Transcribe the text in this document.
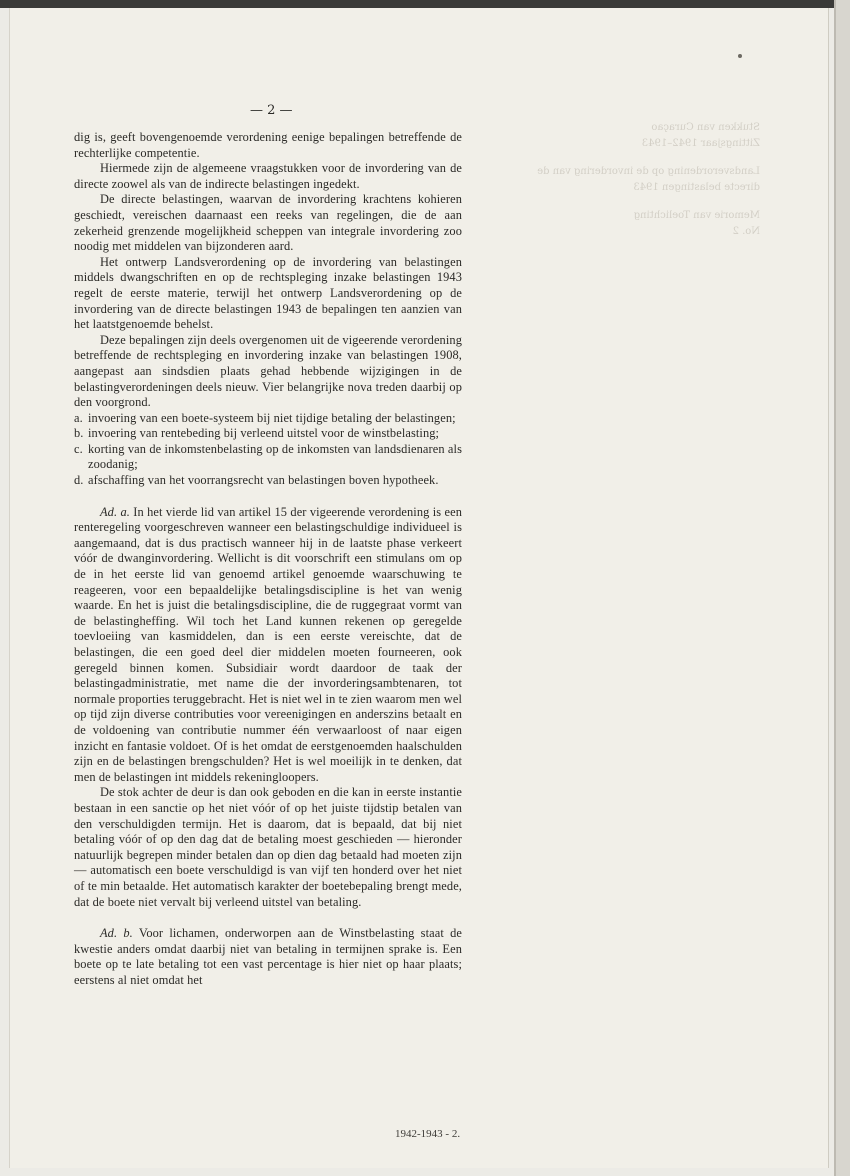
Stukken van Curaçao
Zittingsjaar 1942–1943
Landsverordening op de invordering van de
directe belastingen 1943
Memorie van Toelichting
No. 2
— 2 —

dig is, geeft bovengenoemde verordening eenige bepalingen betreffende de rechterlijke competentie.

Hiermede zijn de algemeene vraagstukken voor de invordering van de directe zoowel als van de indirecte belastingen ingedekt.

De directe belastingen, waarvan de invordering krachtens kohieren geschiedt, vereischen daarnaast een reeks van regelingen, die de aan zekerheid grenzende mogelijkheid scheppen van integrale invordering zoo noodig met middelen van bijzonderen aard.

Het ontwerp Landsverordening op de invordering van belastingen middels dwangschriften en op de rechtspleging inzake belastingen 1943 regelt de eerste materie, terwijl het ontwerp Landsverordening op de invordering van de directe belastingen 1943 de bepalingen ten aanzien van het laatstgenoemde behelst.

Deze bepalingen zijn deels overgenomen uit de vigeerende verordening betreffende de rechtspleging en invordering inzake van belastingen 1908, aangepast aan sindsdien plaats gehad hebbende wijzigingen in de belastingverordeningen deels nieuw. Vier belangrijke nova treden daarbij op den voorgrond.

a. invoering van een boete-systeem bij niet tijdige betaling der belastingen;
b. invoering van rentebeding bij verleend uitstel voor de winstbelasting;
c. korting van de inkomstenbelasting op de inkomsten van landsdienaren als zoodanig;
d. afschaffing van het voorrangsrecht van belastingen boven hypotheek.

Ad. a. In het vierde lid van artikel 15 der vigeerende verordening is een renteregeling voorgeschreven wanneer een belastingschuldige individueel is aangemaand, dat is dus practisch wanneer hij in de laatste phase verkeert vóór de dwanginvordering. Wellicht is dit voorschrift een stimulans om op de in het eerste lid van genoemd artikel genoemde waarschuwing te reageeren, voor een bepaaldelijke betalingsdiscipline is het van wenig waarde. En het is juist die betalingsdiscipline, die de ruggegraat vormt van de belastingheffing. Wil toch het Land kunnen rekenen op geregelde toevloeiing van kasmiddelen, dan is een eerste vereischte, dat de belastingen, die een goed deel dier middelen moeten fourneeren, ook geregeld binnen komen. Subsidiair wordt daardoor de taak der belastingadministratie, met name die der invorderingsambtenaren, tot normale proporties teruggebracht. Het is niet wel in te zien waarom men wel op tijd zijn diverse contributies voor vereenigingen en anderszins betaalt en de voldoening van contributie nummer één verwaarloost of naar eigen inzicht en fantasie voldoet. Of is het omdat de eerstgenoemden haalschulden zijn en de belastingen brengschulden? Het is wel moeilijk in te denken, dat men de belastingen int middels rekeningloopers.

De stok achter de deur is dan ook geboden en die kan in eerste instantie bestaan in een sanctie op het niet vóór of op het juiste tijdstip betalen van den verschuldigden termijn. Het is daarom, dat is bepaald, dat bij niet betaling vóór of op den dag dat de betaling moest geschieden — hieronder natuurlijk begrepen minder betalen dan op dien dag betaald had moeten zijn — automatisch een boete verschuldigd is van vijf ten honderd over het niet of te min betaalde. Het automatisch karakter der boetebepaling brengt mede, dat de boete niet vervalt bij verleend uitstel van betaling.

Ad. b. Voor lichamen, onderworpen aan de Winstbelasting staat de kwestie anders omdat daarbij niet van betaling in termijnen sprake is. Een boete op te late betaling tot een vast percentage is hier niet op haar plaats; eerstens al niet omdat het

1942-1943 - 2.
